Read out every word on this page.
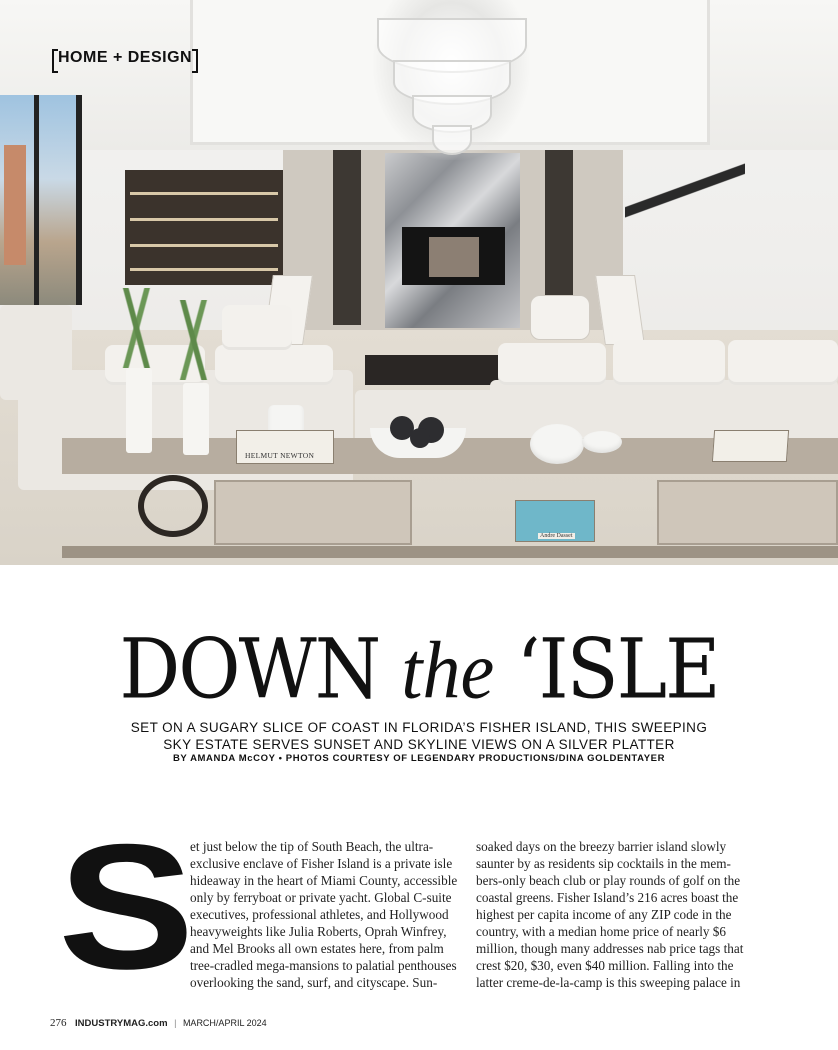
HELMUT NEWTON
Andre Dasset
HOME + DESIGN
DOWN the ‘ISLE
SET ON A SUGARY SLICE OF COAST IN FLORIDA’S FISHER ISLAND, THIS SWEEPING
SKY ESTATE SERVES SUNSET AND SKYLINE VIEWS ON A SILVER PLATTER
BY AMANDA McCOY • PHOTOS COURTESY OF LEGENDARY PRODUCTIONS/DINA GOLDENTAYER
S
et just below the tip of South Beach, the ultra-
exclusive enclave of Fisher Island is a private isle
hideaway in the heart of Miami County, accessible
only by ferryboat or private yacht. Global C-suite
executives, professional athletes, and Hollywood
heavyweights like Julia Roberts, Oprah Winfrey,
and Mel Brooks all own estates here, from palm
tree-cradled mega-mansions to palatial penthouses
overlooking the sand, surf, and cityscape. Sun-
soaked days on the breezy barrier island slowly
saunter by as residents sip cocktails in the mem-
bers-only beach club or play rounds of golf on the
coastal greens. Fisher Island’s 216 acres boast the
highest per capita income of any ZIP code in the
country, with a median home price of nearly $6
million, though many addresses nab price tags that
crest $20, $30, even $40 million. Falling into the
latter creme-de-la-camp is this sweeping palace in
276 INDUSTRYMAG.com | MARCH/APRIL 2024
